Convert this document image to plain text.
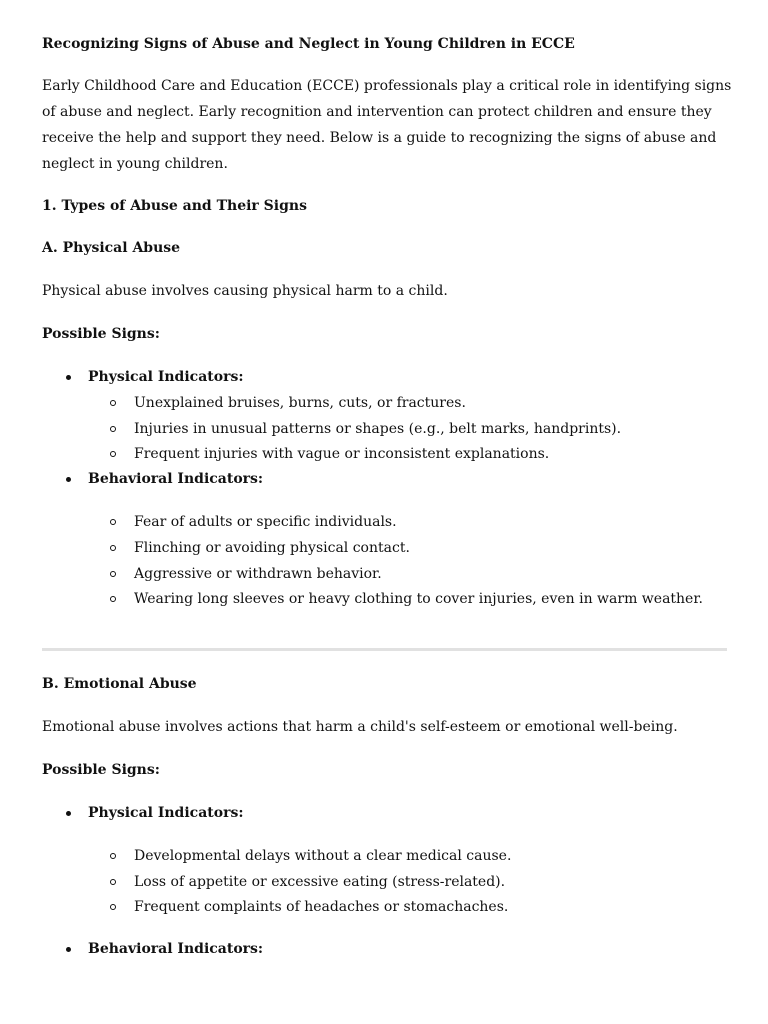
Recognizing Signs of Abuse and Neglect in Young Children in ECCE

Early Childhood Care and Education (ECCE) professionals play a critical role in identifying signs of abuse and neglect. Early recognition and intervention can protect children and ensure they receive the help and support they need. Below is a guide to recognizing the signs of abuse and neglect in young children.

1. Types of Abuse and Their Signs

A. Physical Abuse

Physical abuse involves causing physical harm to a child.

Possible Signs:

Physical Indicators:
Unexplained bruises, burns, cuts, or fractures.
Injuries in unusual patterns or shapes (e.g., belt marks, handprints).
Frequent injuries with vague or inconsistent explanations.
Behavioral Indicators:
Fear of adults or specific individuals.
Flinching or avoiding physical contact.
Aggressive or withdrawn behavior.
Wearing long sleeves or heavy clothing to cover injuries, even in warm weather.

B. Emotional Abuse

Emotional abuse involves actions that harm a child's self-esteem or emotional well-being.

Possible Signs:

Physical Indicators:
Developmental delays without a clear medical cause.
Loss of appetite or excessive eating (stress-related).
Frequent complaints of headaches or stomachaches.
Behavioral Indicators:
